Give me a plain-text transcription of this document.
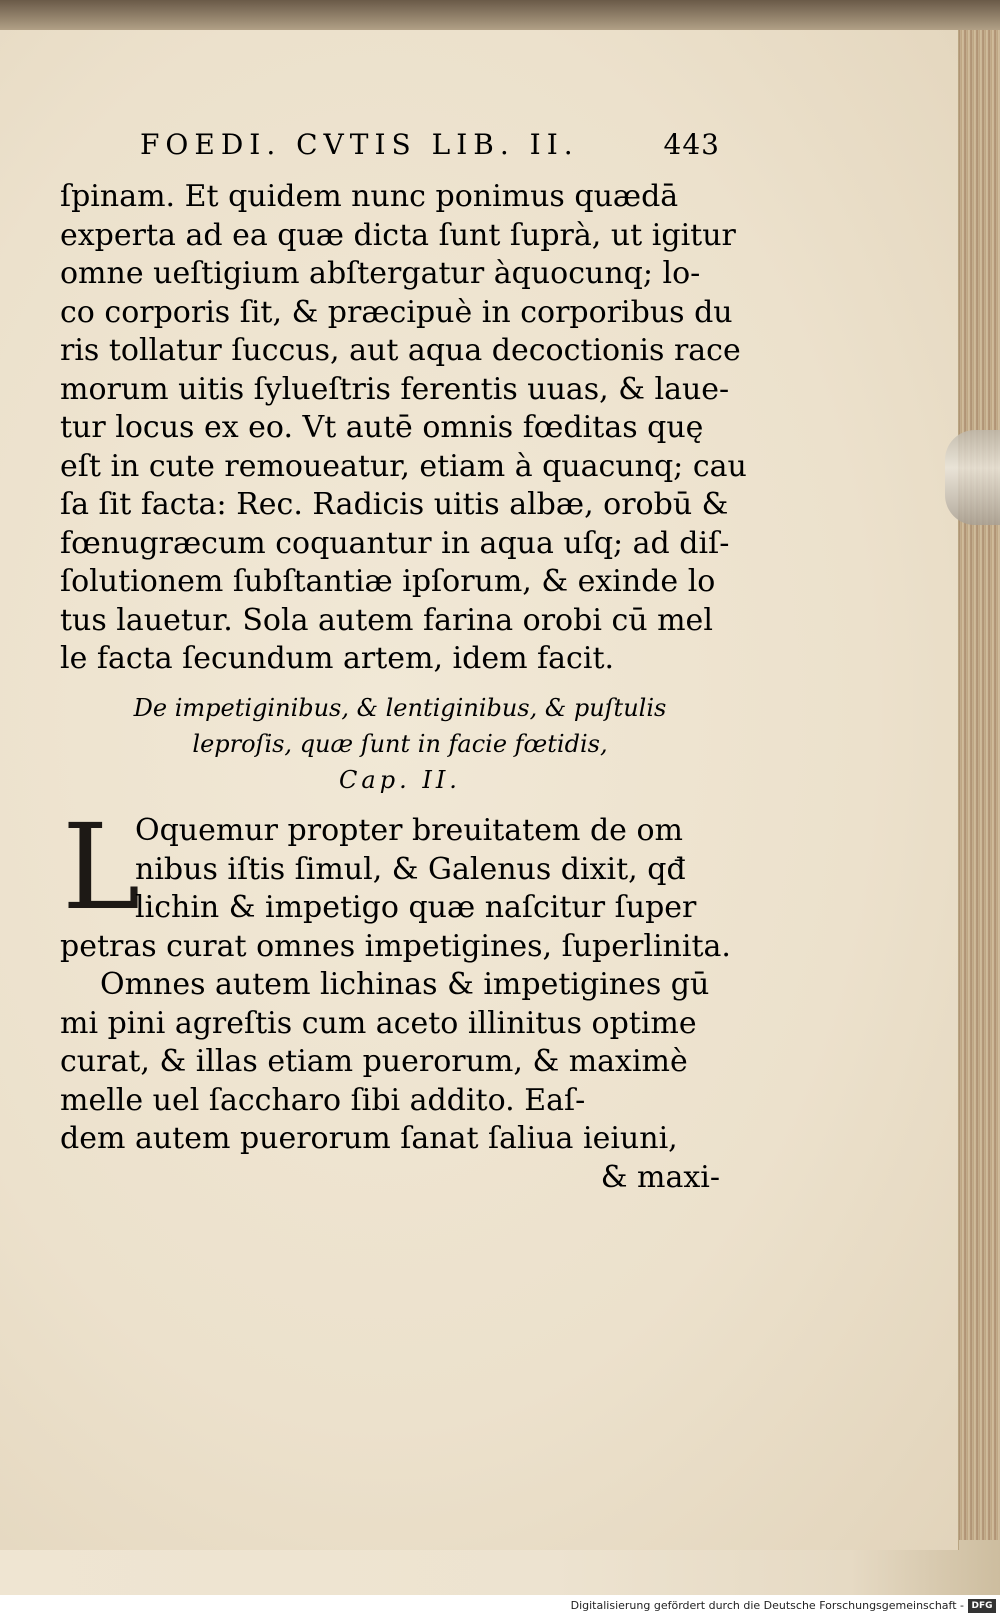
FOEDI. CVTIS LIB. II.	443
ſpinam. Et quidem nunc ponimus quædā
experta ad ea quæ dicta ſunt ſuprà, ut igitur
omne ueſtigium abſtergatur àquocunq; lo-
co corporis ſit, & præcipuè in corporibus du
ris tollatur ſuccus, aut aqua decoctionis race
morum uitis ſylueſtris ferentis uuas, & laue-
tur locus ex eo. Vt autē omnis fœditas quę
eſt in cute remoueatur, etiam à quacunq; cau
ſa ſit facta: Rec. Radicis uitis albæ, orobū &
fœnugræcum coquantur in aqua uſq; ad diſ-
ſolutionem ſubſtantiæ ipſorum, & exinde lo
tus lauetur. Sola autem farina orobi cū mel
le facta ſecundum artem, idem facit.
De impetiginibus, & lentiginibus, & puſtulis
leproſis, quæ ſunt in facie fœtidis,
Cap. II.
L
Oquemur propter breuitatem de om
nibus iſtis ſimul, & Galenus dixit, qđ
lichin & impetigo quæ naſcitur ſuper
petras curat omnes impetigines, ſuperlinita.
Omnes autem lichinas & impetigines gū
mi pini agreſtis cum aceto illinitus optime
curat, & illas etiam puerorum, & maximè
melle uel ſaccharo ſibi addito. Eaſ-
dem autem puerorum ſanat ſaliua ieiuni,
& maxi-
Digitalisierung gefördert durch die Deutsche Forschungsgemeinschaft - DFG
